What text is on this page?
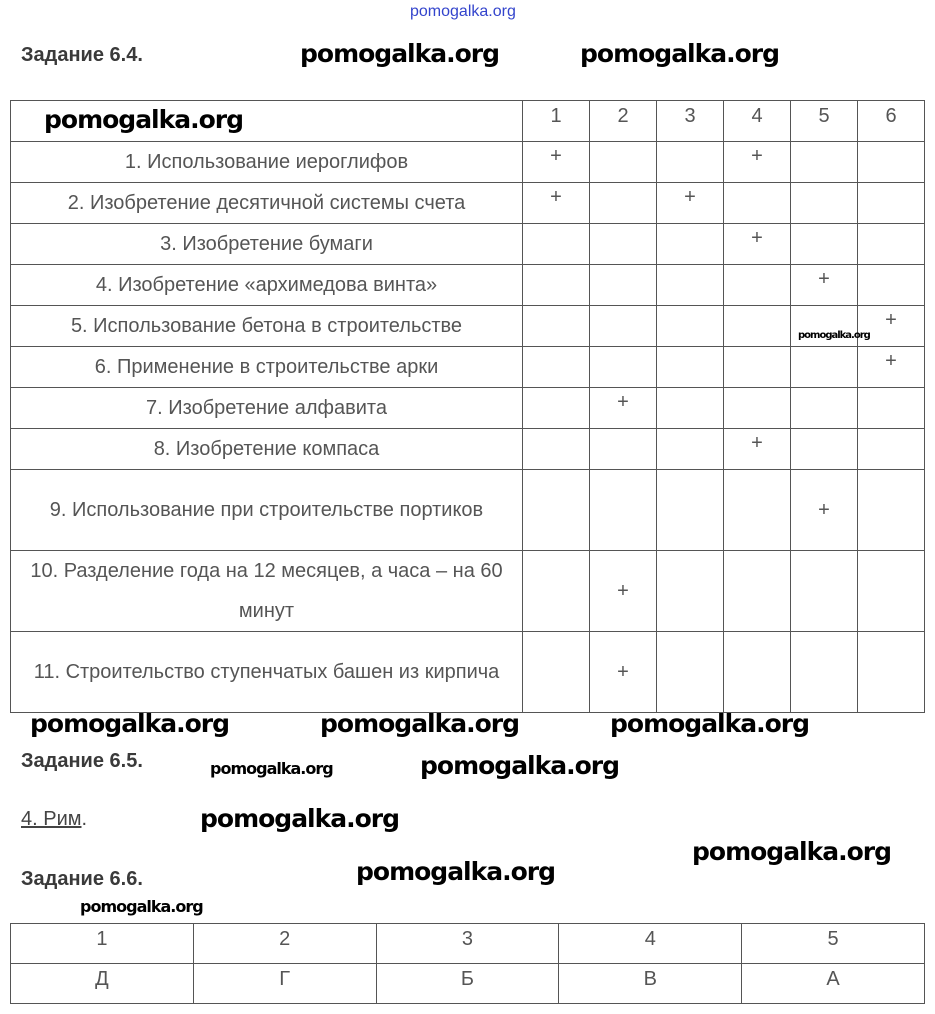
pomogalka.org
Задание 6.4.
	1	2	3	4	5	6
1. Использование иероглифов	+			+		
2. Изобретение десятичной системы счета	+		+			
3. Изобретение бумаги				+		
4. Изобретение «архимедова винта»					+	
5. Использование бетона в строительстве						+
6. Применение в строительстве арки						+
7. Изобретение алфавита		+				
8. Изобретение компаса				+		
9. Использование при строительстве портиков					+	
10. Разделение года на 12 месяцев, а часа – на 60 минут		+				
11. Строительство ступенчатых башен из кирпича		+				
Задание 6.5.
4. Рим.
Задание 6.6.
1	2	3	4	5
Д	Г	Б	В	А
pomogalka.org
pomogalka.org	pomogalka.org
pomogalka.org
pomogalka.org
pomogalka.org	pomogalka.org
pomogalka.org	pomogalka.org
pomogalka.org
pomogalka.org
pomogalka.org
pomogalka.org
